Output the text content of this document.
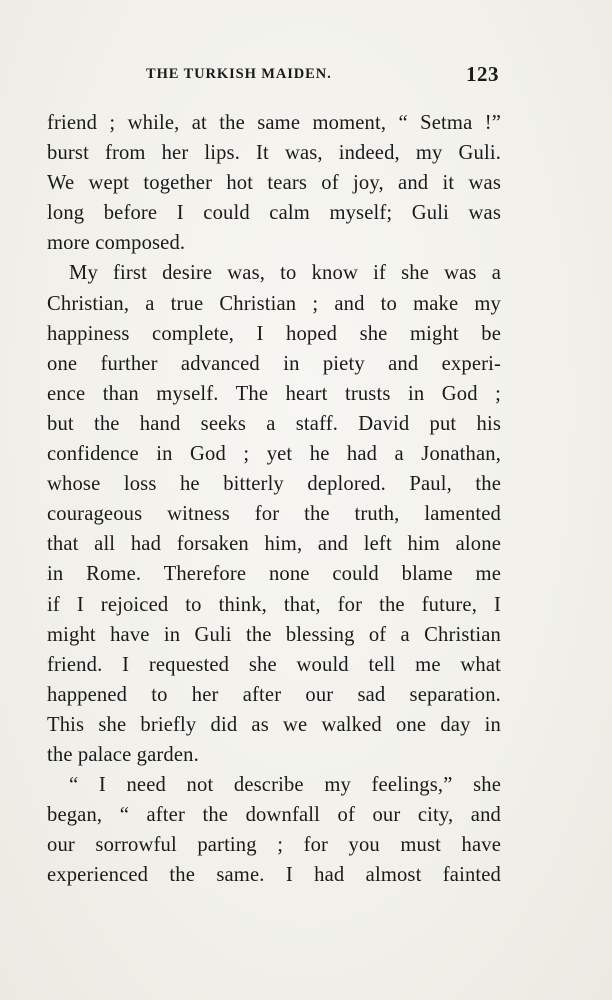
THE TURKISH MAIDEN.	123
friend ; while, at the same moment, “ Setma !”
burst from her lips. It was, indeed, my Guli.
We wept together hot tears of joy, and it was
long before I could calm myself; Guli was
more composed.
My first desire was, to know if she was a
Christian, a true Christian ; and to make my
happiness complete, I hoped she might be
one further advanced in piety and experi-
ence than myself. The heart trusts in God ;
but the hand seeks a staff. David put his
confidence in God ; yet he had a Jonathan,
whose loss he bitterly deplored. Paul, the
courageous witness for the truth, lamented
that all had forsaken him, and left him alone
in Rome. Therefore none could blame me
if I rejoiced to think, that, for the future, I
might have in Guli the blessing of a Christian
friend. I requested she would tell me what
happened to her after our sad separation.
This she briefly did as we walked one day in
the palace garden.
“ I need not describe my feelings,” she
began, “ after the downfall of our city, and
our sorrowful parting ; for you must have
experienced the same. I had almost fainted
